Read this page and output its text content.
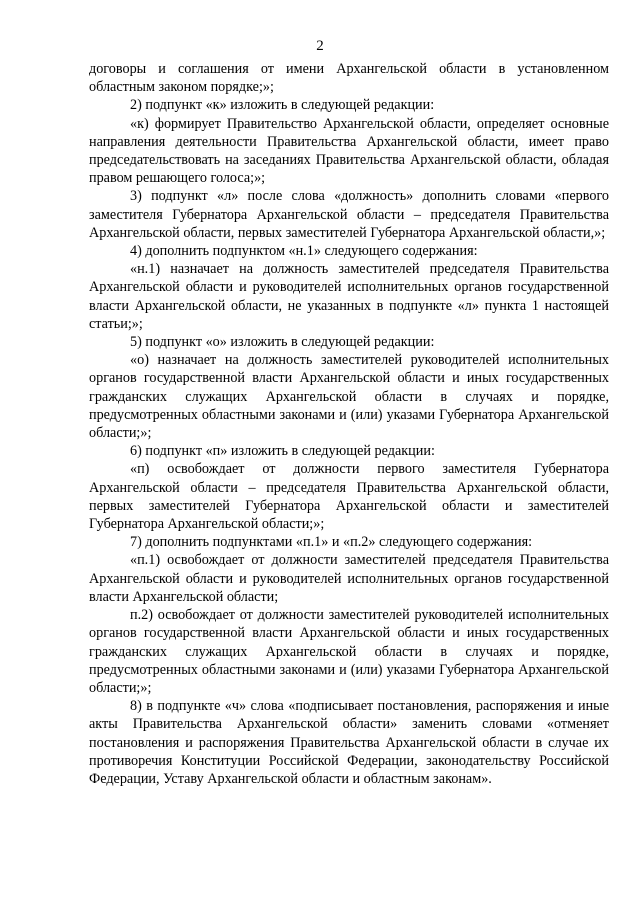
2

договоры и соглашения от имени Архангельской области в установленном областным законом порядке;»;

2) подпункт «к» изложить в следующей редакции:

«к) формирует Правительство Архангельской области, определяет основные направления деятельности Правительства Архангельской области, имеет право председательствовать на заседаниях Правительства Архангельской области, обладая правом решающего голоса;»;

3) подпункт «л» после слова «должность» дополнить словами «первого заместителя Губернатора Архангельской области – председателя Правительства Архангельской области, первых заместителей Губернатора Архангельской области,»;

4) дополнить подпунктом «н.1» следующего содержания:

«н.1) назначает на должность заместителей председателя Правительства Архангельской области и руководителей исполнительных органов государственной власти Архангельской области, не указанных в подпункте «л» пункта 1 настоящей статьи;»;

5) подпункт «о» изложить в следующей редакции:

«о) назначает на должность заместителей руководителей исполнительных органов государственной власти Архангельской области и иных государственных гражданских служащих Архангельской области в случаях и порядке, предусмотренных областными законами и (или) указами Губернатора Архангельской области;»;

6) подпункт «п» изложить в следующей редакции:

«п) освобождает от должности первого заместителя Губернатора Архангельской области – председателя Правительства Архангельской области, первых заместителей Губернатора Архангельской области и заместителей Губернатора Архангельской области;»;

7) дополнить подпунктами «п.1» и «п.2» следующего содержания:

«п.1) освобождает от должности заместителей председателя Правительства Архангельской области и руководителей исполнительных органов государственной власти Архангельской области;

п.2) освобождает от должности заместителей руководителей исполнительных органов государственной власти Архангельской области и иных государственных гражданских служащих Архангельской области в случаях и порядке, предусмотренных областными законами и (или) указами Губернатора Архангельской области;»;

8) в подпункте «ч» слова «подписывает постановления, распоряжения и иные акты Правительства Архангельской области» заменить словами «отменяет постановления и распоряжения Правительства Архангельской области в случае их противоречия Конституции Российской Федерации, законодательству Российской Федерации, Уставу Архангельской области и областным законам».
